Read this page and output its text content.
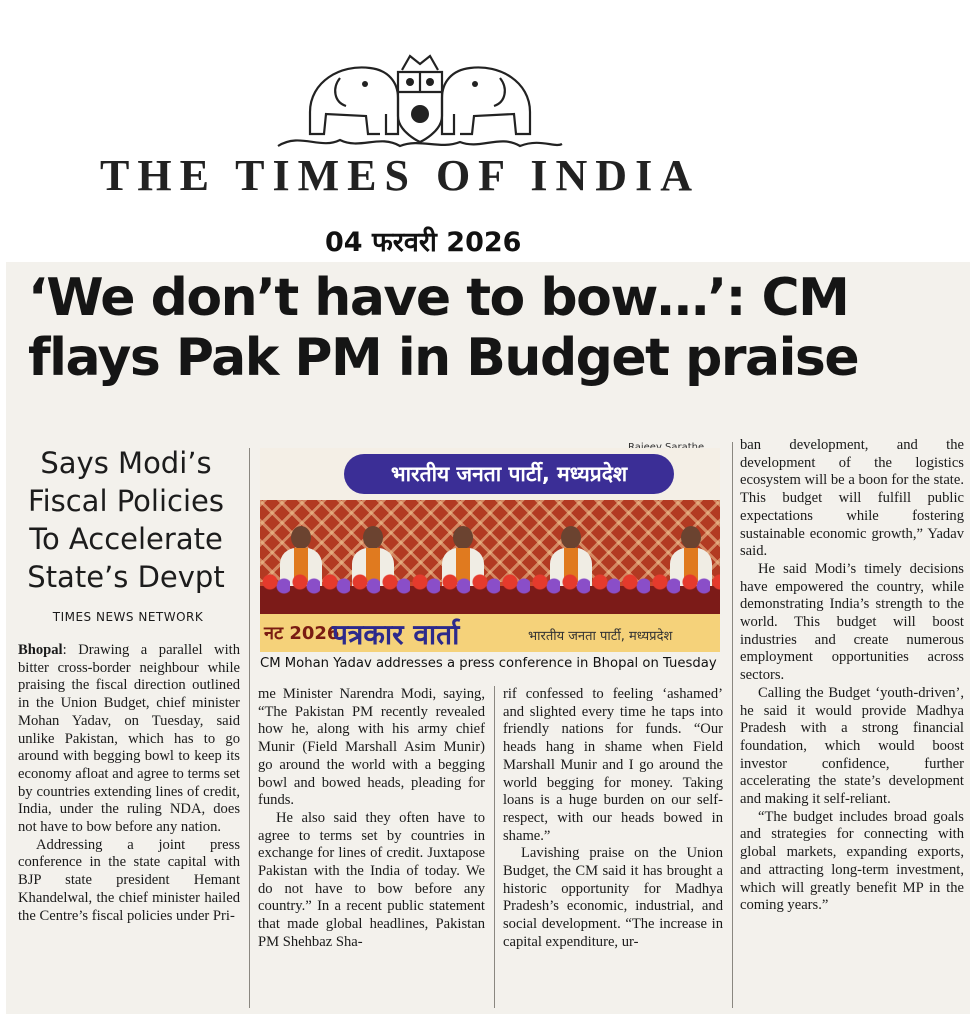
THE TIMES OF INDIA
04 फरवरी 2026
‘We don’t have to bow…’: CM flays Pak PM in Budget praise
Says Modi’s Fiscal Policies To Accelerate State’s Devpt
TIMES NEWS NETWORK
भारतीय जनता पार्टी, मध्यप्रदेश
नट 2026
पत्रकार वार्ता	भारतीय जनता पार्टी, मध्यप्रदेश
CM Mohan Yadav addresses a press conference in Bhopal on Tuesday

Bhopal: Drawing a parallel with bitter cross-border neighbour while praising the fiscal direction outlined in the Union Budget, chief minister Mohan Yadav, on Tuesday, said unlike Pakistan, which has to go around with begging bowl to keep its economy afloat and agree to terms set by countries extending lines of credit, India, under the ruling NDA, does not have to bow before any nation.

Addressing a joint press conference in the state capital with BJP state president Hemant Khandelwal, the chief minister hailed the Centre’s fiscal policies under Pri-

me Minister Narendra Modi, saying, “The Pakistan PM recently revealed how he, along with his army chief Munir (Field Marshall Asim Munir) go around the world with a begging bowl and bowed heads, pleading for funds.

He also said they often have to agree to terms set by countries in exchange for lines of credit. Juxtapose Pakistan with the India of today. We do not have to bow before any country.” In a recent public statement that made global headlines, Pakistan PM Shehbaz Sha-

rif confessed to feeling ‘ashamed’ and slighted every time he taps into friendly nations for funds. “Our heads hang in shame when Field Marshall Munir and I go around the world begging for money. Taking loans is a huge burden on our self-respect, with our heads bowed in shame.”

Lavishing praise on the Union Budget, the CM said it has brought a historic opportunity for Madhya Pradesh’s economic, industrial, and social development. “The increase in capital expenditure, ur-

ban development, and the development of the logistics ecosystem will be a boon for the state. This budget will fulfill public expectations while fostering sustainable economic growth,” Yadav said.

He said Modi’s timely decisions have empowered the country, while demonstrating India’s strength to the world. This budget will boost industries and create numerous employment opportunities across sectors.

Calling the Budget ‘youth-driven’, he said it would provide Madhya Pradesh with a strong financial foundation, which would boost investor confidence, further accelerating the state’s development and making it self-reliant.

“The budget includes broad goals and strategies for connecting with global markets, expanding exports, and attracting long-term investment, which will greatly benefit MP in the coming years.”
